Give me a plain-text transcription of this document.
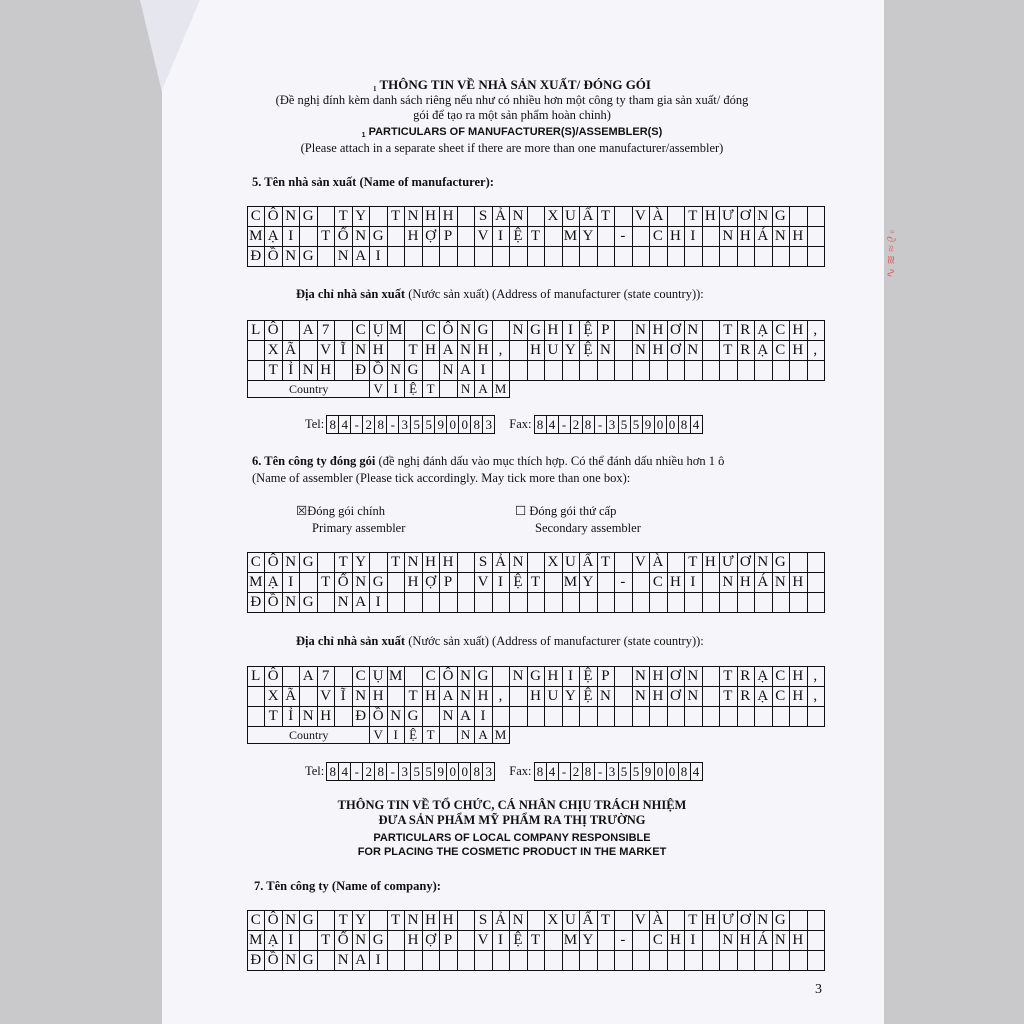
ᵃ ∂ ≈ ≋ ∿
1 THÔNG TIN VỀ NHÀ SẢN XUẤT/ ĐÓNG GÓI
(Đề nghị đính kèm danh sách riêng nếu như có nhiều hơn một công ty tham gia sản xuất/ đóng
gói để tạo ra một sản phẩm hoàn chỉnh)
1 PARTICULARS OF MANUFACTURER(S)/ASSEMBLER(S)
(Please attach in a separate sheet if there are more than one manufacturer/assembler)
5. Tên nhà sản xuất (Name of manufacturer):
C	Ô	N	G		T	Y		T	N	H	H		S	Ả	N		X	U	Ấ	T		V	À		T	H	Ư	Ơ	N	G		
M	Ạ	I		T	Ổ	N	G		H	Ợ	P		V	I	Ệ	T		M	Y		-		C	H	I		N	H	Á	N	H	
Đ	Ồ	N	G		N	A	I																									
Địa chỉ nhà sản xuất (Nước sản xuất) (Address of manufacturer (state country)):
L	Ô		A	7		C	Ụ	M		C	Ô	N	G		N	G	H	I	Ệ	P		N	H	Ơ	N		T	R	Ạ	C	H	,
	X	Ã		V	Ĩ	N	H		T	H	A	N	H	,		H	U	Y	Ệ	N		N	H	Ơ	N		T	R	Ạ	C	H	,
	T	Ỉ	N	H		Đ	Ồ	N	G		N	A	I																			
Country							V	I	Ệ	T		N	A	M																		
Tel: 8 4 - 2 8 - 3 5 5 9 0 0 8 3 Fax: 8 4 - 2 8 - 3 5 5 9 0 0 8 4
6. Tên công ty đóng gói (đề nghị đánh dấu vào mục thích hợp. Có thể đánh dấu nhiều hơn 1 ô
(Name of assembler (Please tick accordingly. May tick more than one box):
☒Đóng gói chính
Primary assembler
☐ Đóng gói thứ cấp
Secondary assembler
C	Ô	N	G		T	Y		T	N	H	H		S	Ả	N		X	U	Ấ	T		V	À		T	H	Ư	Ơ	N	G		
M	Ạ	I		T	Ổ	N	G		H	Ợ	P		V	I	Ệ	T		M	Y		-		C	H	I		N	H	Á	N	H	
Đ	Ồ	N	G		N	A	I																									
Địa chỉ nhà sản xuất (Nước sản xuất) (Address of manufacturer (state country)):
L	Ô		A	7		C	Ụ	M		C	Ô	N	G		N	G	H	I	Ệ	P		N	H	Ơ	N		T	R	Ạ	C	H	,
	X	Ã		V	Ĩ	N	H		T	H	A	N	H	,		H	U	Y	Ệ	N		N	H	Ơ	N		T	R	Ạ	C	H	,
	T	Ỉ	N	H		Đ	Ồ	N	G		N	A	I																			
Country							V	I	Ệ	T		N	A	M																		
Tel: 8 4 - 2 8 - 3 5 5 9 0 0 8 3 Fax: 8 4 - 2 8 - 3 5 5 9 0 0 8 4
THÔNG TIN VỀ TỔ CHỨC, CÁ NHÂN CHỊU TRÁCH NHIỆM
ĐƯA SẢN PHẨM MỸ PHẨM RA THỊ TRƯỜNG
PARTICULARS OF LOCAL COMPANY RESPONSIBLE
FOR PLACING THE COSMETIC PRODUCT IN THE MARKET
7. Tên công ty (Name of company):
C	Ô	N	G		T	Y		T	N	H	H		S	Ả	N		X	U	Ấ	T		V	À		T	H	Ư	Ơ	N	G		
M	Ạ	I		T	Ổ	N	G		H	Ợ	P		V	I	Ệ	T		M	Y		-		C	H	I		N	H	Á	N	H	
Đ	Ồ	N	G		N	A	I																									
3
